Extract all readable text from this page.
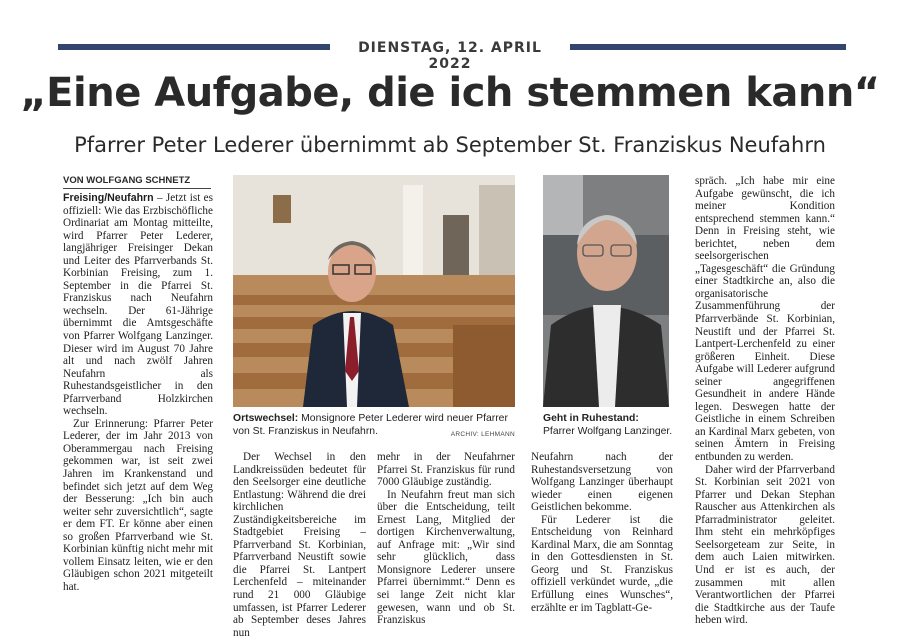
DIENSTAG, 12. APRIL 2022
„Eine Aufgabe, die ich stemmen kann“
Pfarrer Peter Lederer übernimmt ab September St. Franziskus Neufahrn
VON WOLFGANG SCHNETZ

Freising/Neufahrn – Jetzt ist es offiziell: Wie das Erzbischöfliche Ordinariat am Montag mitteilte, wird Pfarrer Peter Lederer, langjähriger Freisinger Dekan und Leiter des Pfarrverbands St. Korbinian Freising, zum 1. September in die Pfarrei St. Franziskus nach Neufahrn wechseln. Der 61-Jährige übernimmt die Amtsgeschäfte von Pfarrer Wolfgang Lanzinger. Dieser wird im August 70 Jahre alt und nach zwölf Jahren Neufahrn als Ruhestandsgeistlicher in den Pfarrverband Holzkirchen wechseln.

Zur Erinnerung: Pfarrer Peter Lederer, der im Jahr 2013 von Oberammergau nach Freising gekommen war, ist seit zwei Jahren im Krankenstand und befindet sich jetzt auf dem Weg der Besserung: „Ich bin auch weiter sehr zuversichtlich“, sagte er dem FT. Er könne aber einen so großen Pfarrverband wie St. Korbinian künftig nicht mehr mit vollem Einsatz leiten, wie er den Gläubigen schon 2021 mitgeteilt hat.

Ortswechsel: Monsignore Peter Lederer wird neuer Pfarrer von St. Franziskus in Neufahrn.	ARCHIV: LEHMANN
Geht in Ruhestand: Pfarrer Wolfgang Lanzinger.

Der Wechsel in den Landkreissüden bedeutet für den Seelsorger eine deutliche Entlastung: Während die drei kirchlichen Zuständigkeitsbereiche im Stadtgebiet Freising – Pfarrverband St. Korbinian, Pfarrverband Neustift sowie die Pfarrei St. Lantpert Lerchenfeld – miteinander rund 21 000 Gläubige umfassen, ist Pfarrer Lederer ab September deses Jahres nun

mehr in der Neufahrner Pfarrei St. Franziskus für rund 7000 Gläubige zuständig.

In Neufahrn freut man sich über die Entscheidung, teilt Ernest Lang, Mitglied der dortigen Kirchenverwaltung, auf Anfrage mit: „Wir sind sehr glücklich, dass Monsignore Lederer unsere Pfarrei übernimmt.“ Denn es sei lange Zeit nicht klar gewesen, wann und ob St. Franziskus

Neufahrn nach der Ruhestandsversetzung von Wolfgang Lanzinger überhaupt wieder einen eigenen Geistlichen bekomme.

Für Lederer ist die Entscheidung von Reinhard Kardinal Marx, die am Sonntag in den Gottesdiensten in St. Georg und St. Franziskus offiziell verkündet wurde, „die Erfüllung eines Wunsches“, erzählte er im Tagblatt-Ge-

spräch. „Ich habe mir eine Aufgabe gewünscht, die ich meiner Kondition entsprechend stemmen kann.“ Denn in Freising steht, wie berichtet, neben dem seelsorgerischen „Tagesgeschäft“ die Gründung einer Stadtkirche an, also die organisatorische Zusammenführung der Pfarrverbände St. Korbinian, Neustift und der Pfarrei St. Lantpert-Lerchenfeld zu einer größeren Einheit. Diese Aufgabe will Lederer aufgrund seiner angegriffenen Gesundheit in andere Hände legen. Deswegen hatte der Geistliche in einem Schreiben an Kardinal Marx gebeten, von seinen Ämtern in Freising entbunden zu werden.

Daher wird der Pfarrverband St. Korbinian seit 2021 von Pfarrer und Dekan Stephan Rauscher aus Attenkirchen als Pfarradministrator geleitet. Ihm steht ein mehrköpfiges Seelsorgeteam zur Seite, in dem auch Laien mitwirken. Und er ist es auch, der zusammen mit allen Verantwortlichen der Pfarrei die Stadtkirche aus der Taufe heben wird.
